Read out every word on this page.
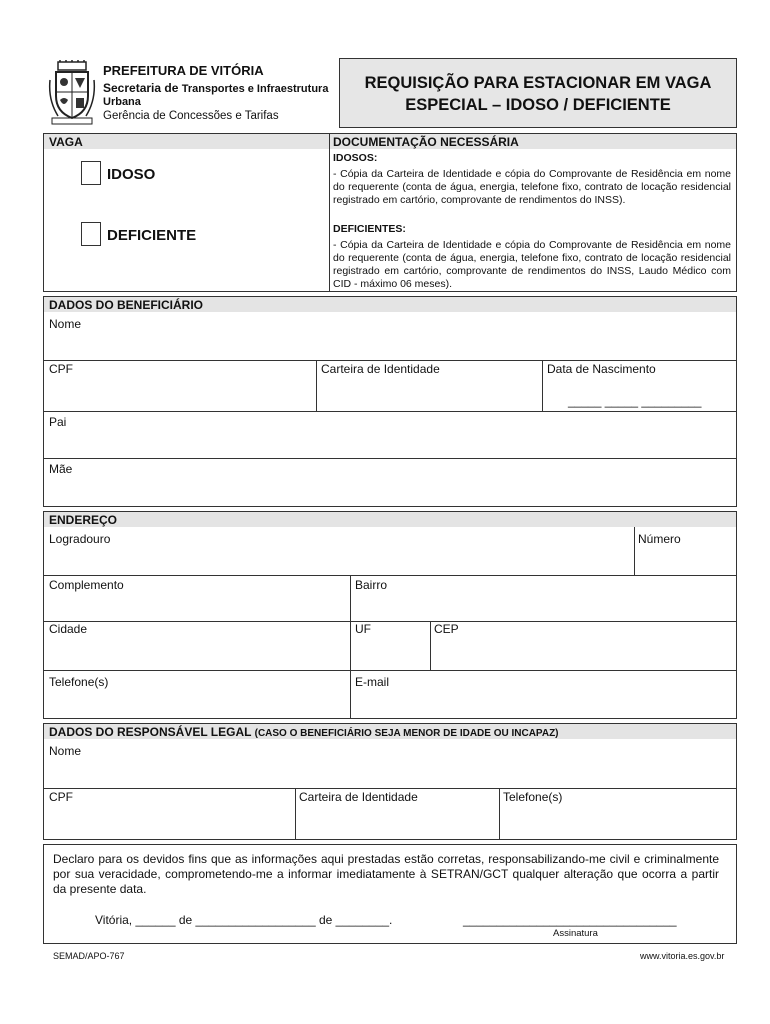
PREFEITURA DE VITÓRIA
Secretaria de Transportes e Infraestrutura
Urbana
Gerência de Concessões e Tarifas
REQUISIÇÃO PARA ESTACIONAR EM VAGA
ESPECIAL – IDOSO / DEFICIENTE
VAGA	DOCUMENTAÇÃO NECESSÁRIA
IDOSO
DEFICIENTE

IDOSOS:

- Cópia da Carteira de Identidade e cópia do Comprovante de Residência em nome do requerente (conta de água, energia, telefone fixo, contrato de locação residencial registrado em cartório, comprovante de rendimentos do INSS).

DEFICIENTES:

- Cópia da Carteira de Identidade e cópia do Comprovante de Residência em nome do requerente (conta de água, energia, telefone fixo, contrato de locação residencial registrado em cartório, comprovante de rendimentos do INSS, Laudo Médico com CID - máximo 06 meses).

DADOS DO BENEFICIÁRIO
Nome
CPF	Carteira de Identidade	Data de Nascimento
_____ _____ _________
Pai
Mãe
ENDEREÇO
Logradouro	Número
Complemento	Bairro
Cidade	UF	CEP
Telefone(s)	E-mail
DADOS DO RESPONSÁVEL LEGAL (CASO O BENEFICIÁRIO SEJA MENOR DE IDADE OU INCAPAZ)
Nome
CPF	Carteira de Identidade	Telefone(s)
Declaro para os devidos fins que as informações aqui prestadas estão corretas, responsabilizando-me civil e criminalmente por sua veracidade, comprometendo-me a informar imediatamente à SETRAN/GCT qualquer alteração que ocorra a partir da presente data.
Vitória, ______ de __________________ de ________.	________________________________
Assinatura
SEMAD/APO-767	www.vitoria.es.gov.br
